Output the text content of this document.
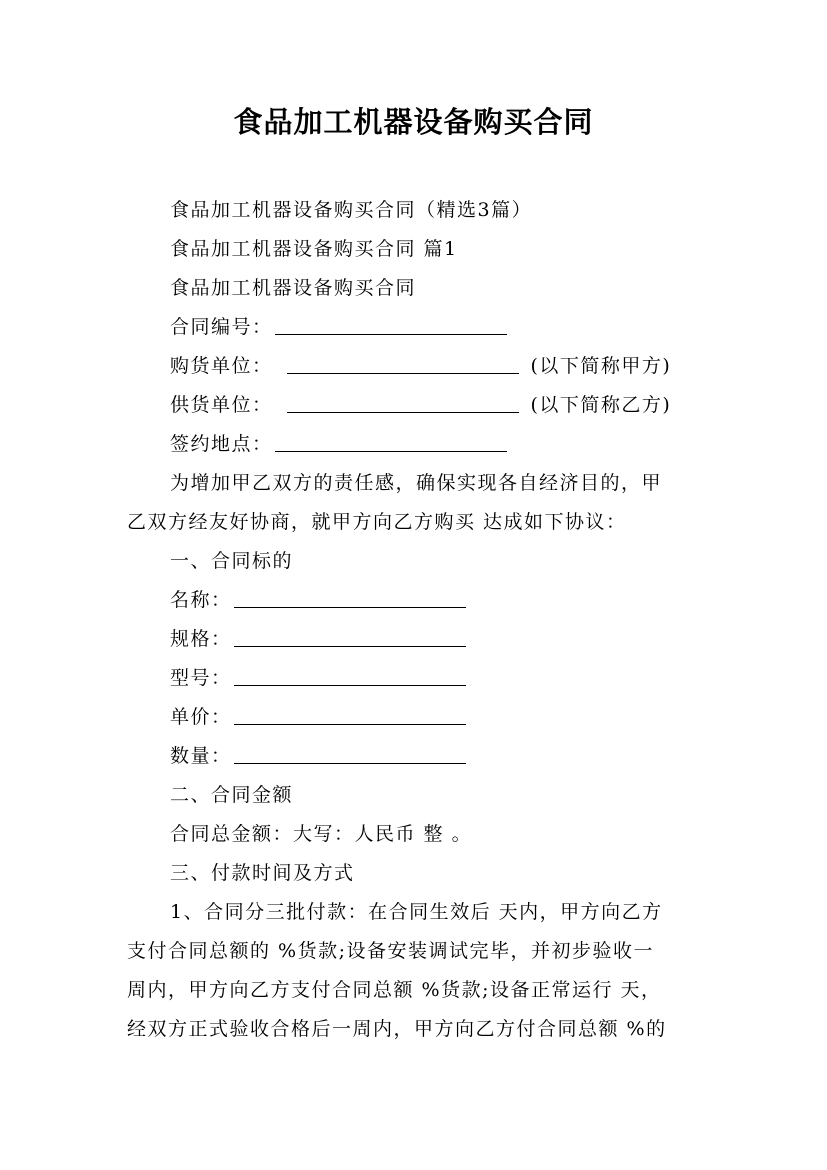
食品加工机器设备购买合同
食品加工机器设备购买合同（精选3篇）
食品加工机器设备购买合同 篇1
食品加工机器设备购买合同
合同编号：
购货单位：	(以下简称甲方)
供货单位：	(以下简称乙方)
签约地点：
为增加甲乙双方的责任感，确保实现各自经济目的，甲
乙双方经友好协商，就甲方向乙方购买 达成如下协议：
一、合同标的
名称：
规格：
型号：
单价：
数量：
二、合同金额
合同总金额：大写：人民币 整 。
三、付款时间及方式
1、合同分三批付款：在合同生效后 天内，甲方向乙方
支付合同总额的 %货款;设备安装调试完毕，并初步验收一
周内，甲方向乙方支付合同总额 %货款;设备正常运行 天，
经双方正式验收合格后一周内，甲方向乙方付合同总额 %的
